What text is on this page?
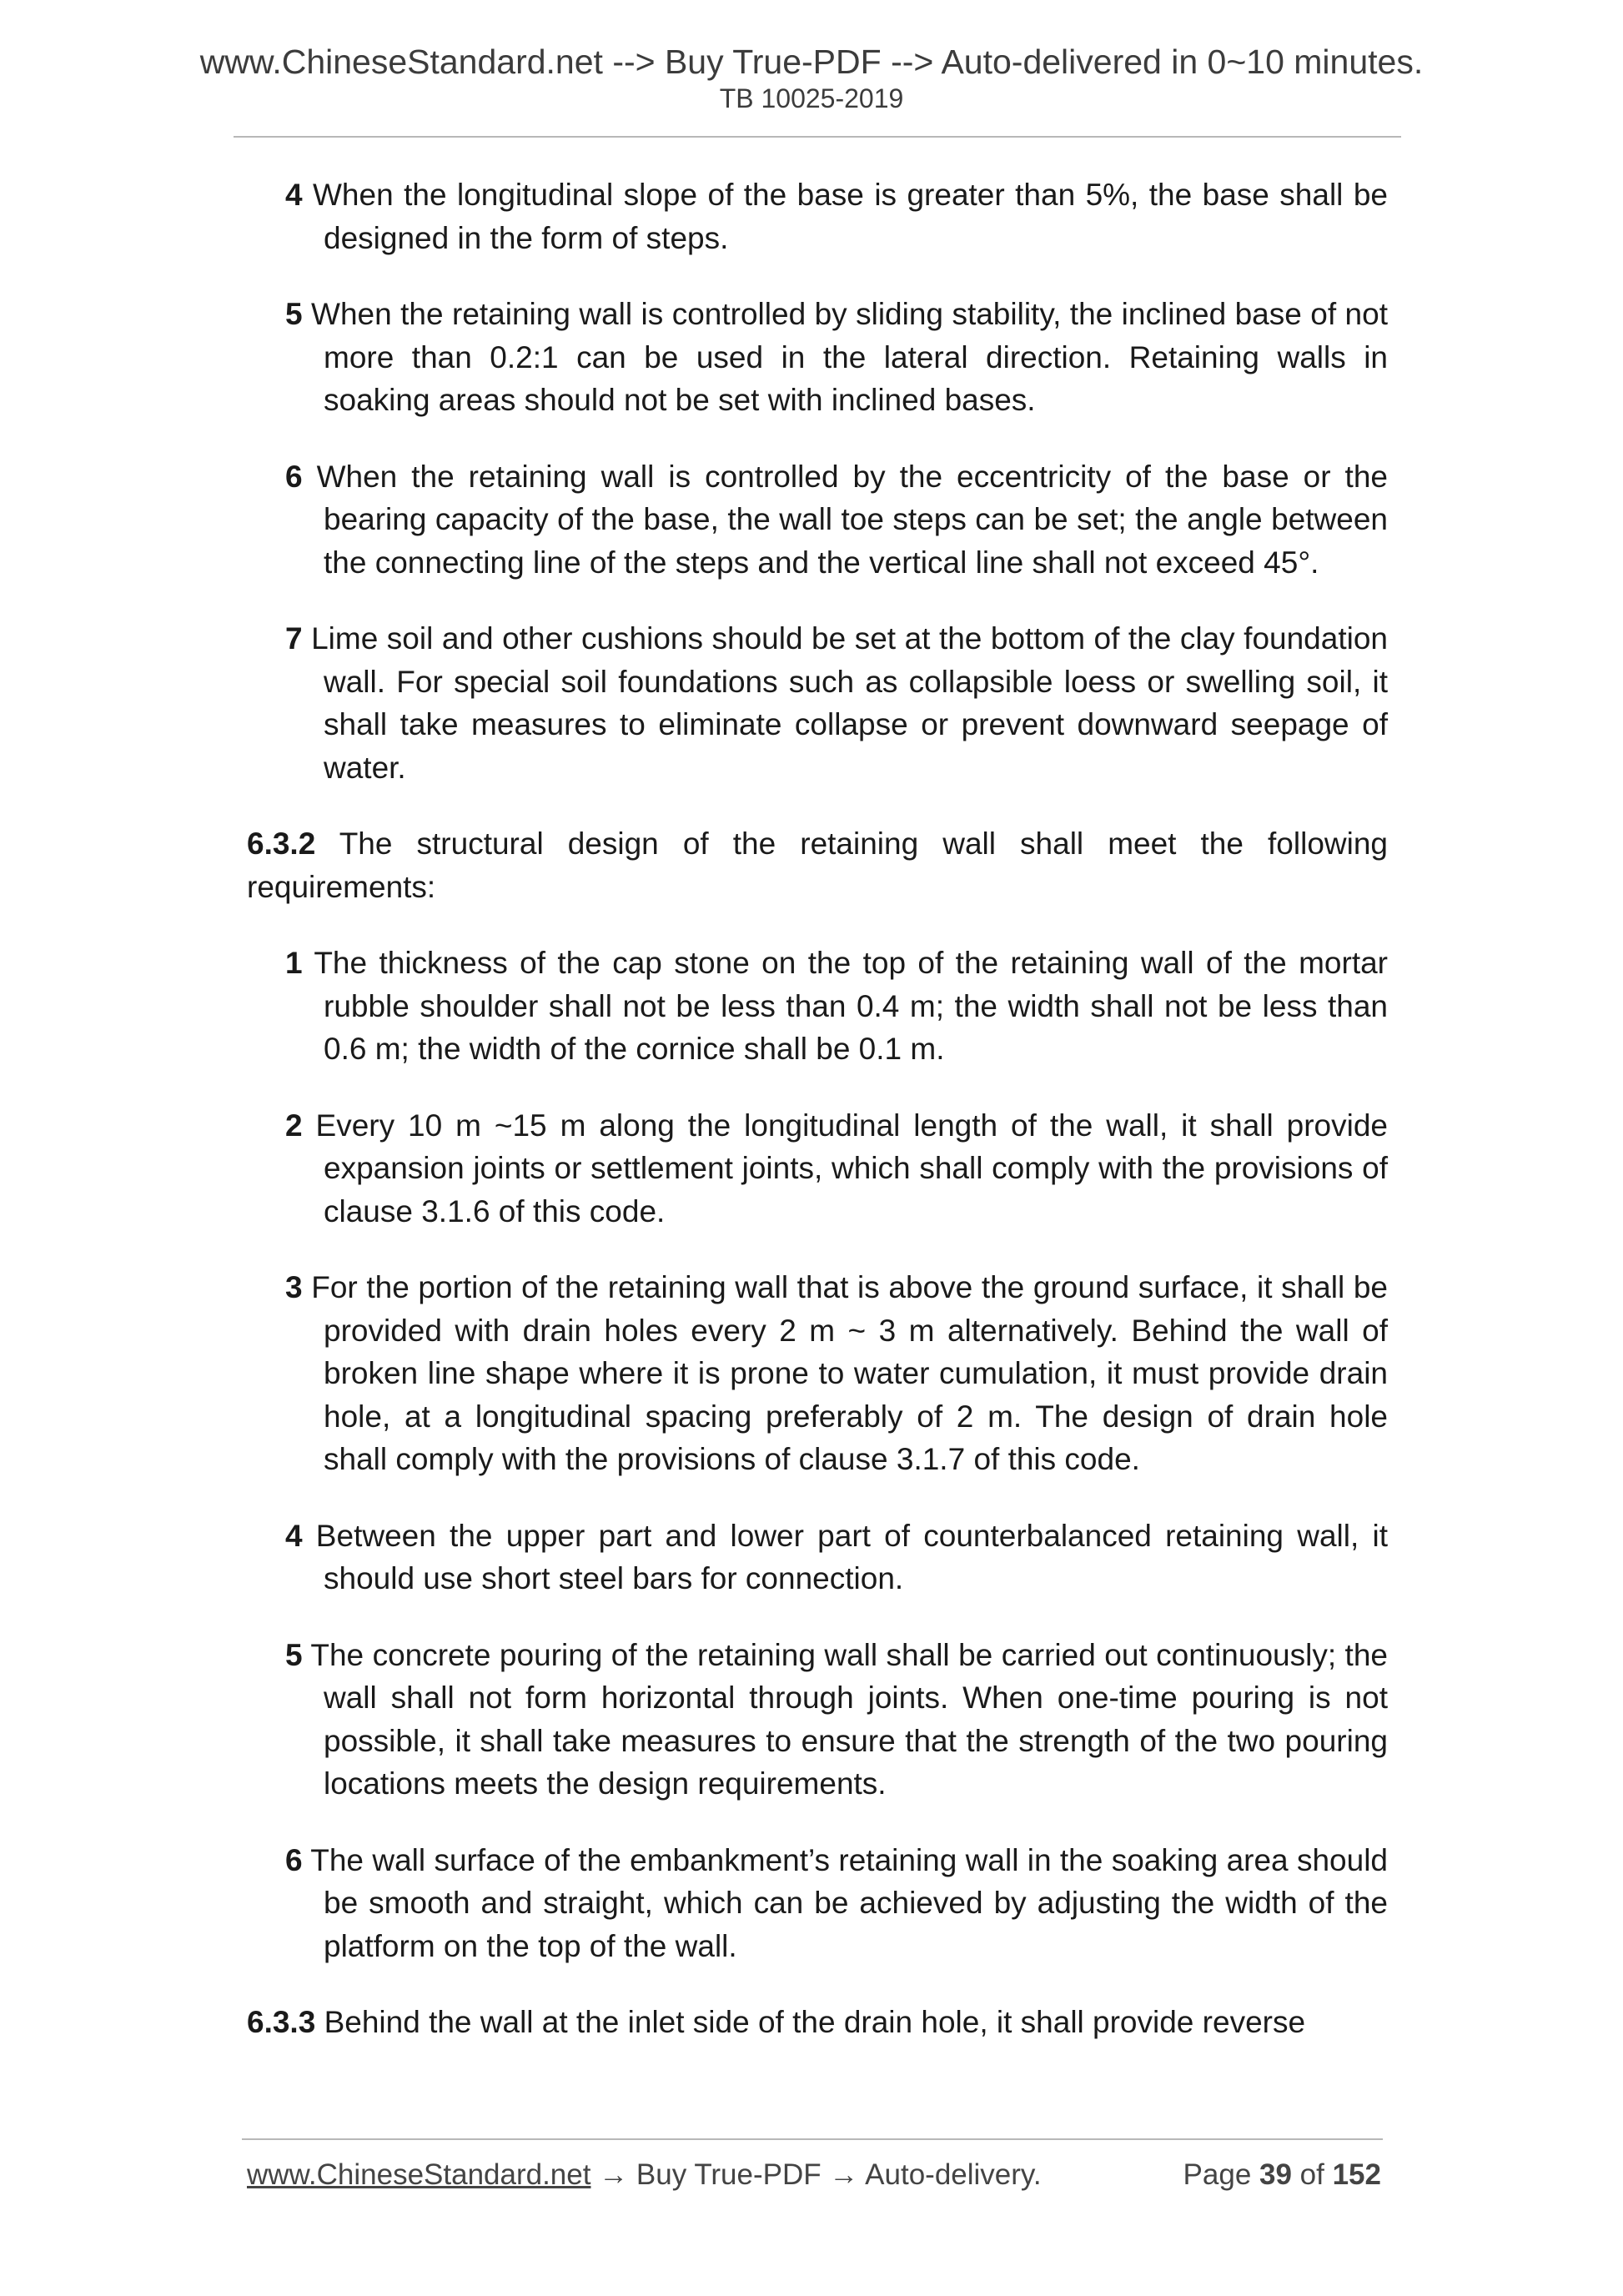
www.ChineseStandard.net --> Buy True-PDF --> Auto-delivered in 0~10 minutes.
TB 10025-2019

4 When the longitudinal slope of the base is greater than 5%, the base shall be designed in the form of steps.

5 When the retaining wall is controlled by sliding stability, the inclined base of not more than 0.2:1 can be used in the lateral direction. Retaining walls in soaking areas should not be set with inclined bases.

6 When the retaining wall is controlled by the eccentricity of the base or the bearing capacity of the base, the wall toe steps can be set; the angle between the connecting line of the steps and the vertical line shall not exceed 45°.

7 Lime soil and other cushions should be set at the bottom of the clay foundation wall. For special soil foundations such as collapsible loess or swelling soil, it shall take measures to eliminate collapse or prevent downward seepage of water.

6.3.2 The structural design of the retaining wall shall meet the following requirements:

1 The thickness of the cap stone on the top of the retaining wall of the mortar rubble shoulder shall not be less than 0.4 m; the width shall not be less than 0.6 m; the width of the cornice shall be 0.1 m.

2 Every 10 m ~15 m along the longitudinal length of the wall, it shall provide expansion joints or settlement joints, which shall comply with the provisions of clause 3.1.6 of this code.

3 For the portion of the retaining wall that is above the ground surface, it shall be provided with drain holes every 2 m ~ 3 m alternatively. Behind the wall of broken line shape where it is prone to water cumulation, it must provide drain hole, at a longitudinal spacing preferably of 2 m. The design of drain hole shall comply with the provisions of clause 3.1.7 of this code.

4 Between the upper part and lower part of counterbalanced retaining wall, it should use short steel bars for connection.

5 The concrete pouring of the retaining wall shall be carried out continuously; the wall shall not form horizontal through joints. When one-time pouring is not possible, it shall take measures to ensure that the strength of the two pouring locations meets the design requirements.

6 The wall surface of the embankment’s retaining wall in the soaking area should be smooth and straight, which can be achieved by adjusting the width of the platform on the top of the wall.

6.3.3 Behind the wall at the inlet side of the drain hole, it shall provide reverse

www.ChineseStandard.net → Buy True-PDF → Auto-delivery.	Page 39 of 152
